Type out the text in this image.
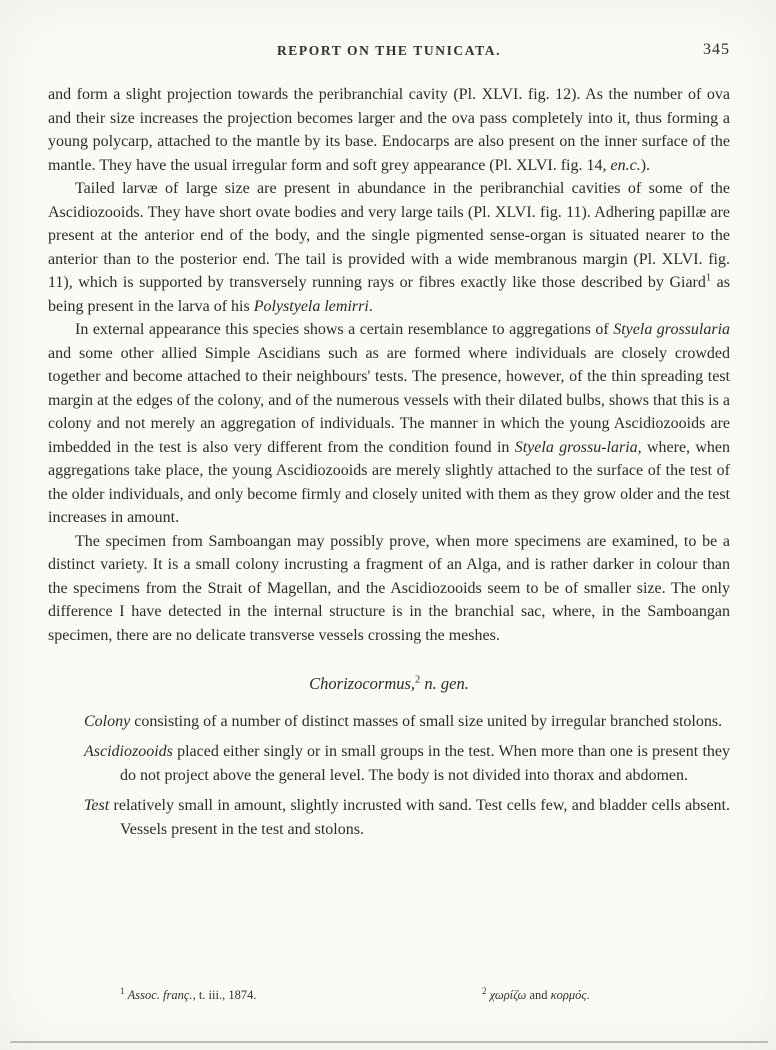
REPORT ON THE TUNICATA.	345

and form a slight projection towards the peribranchial cavity (Pl. XLVI. fig. 12). As the number of ova and their size increases the projection becomes larger and the ova pass completely into it, thus forming a young polycarp, attached to the mantle by its base. Endocarps are also present on the inner surface of the mantle. They have the usual irregular form and soft grey appearance (Pl. XLVI. fig. 14, en.c.).

Tailed larvæ of large size are present in abundance in the peribranchial cavities of some of the Ascidiozooids. They have short ovate bodies and very large tails (Pl. XLVI. fig. 11). Adhering papillæ are present at the anterior end of the body, and the single pigmented sense-organ is situated nearer to the anterior than to the posterior end. The tail is provided with a wide membranous margin (Pl. XLVI. fig. 11), which is supported by transversely running rays or fibres exactly like those described by Giard$^1$ as being present in the larva of his Polystyela lemirri.

In external appearance this species shows a certain resemblance to aggregations of Styela grossularia and some other allied Simple Ascidians such as are formed where individuals are closely crowded together and become attached to their neighbours' tests. The presence, however, of the thin spreading test margin at the edges of the colony, and of the numerous vessels with their dilated bulbs, shows that this is a colony and not merely an aggregation of individuals. The manner in which the young Ascidiozooids are imbedded in the test is also very different from the condition found in Styela grossu-laria, where, when aggregations take place, the young Ascidiozooids are merely slightly attached to the surface of the test of the older individuals, and only become firmly and closely united with them as they grow older and the test increases in amount.

The specimen from Samboangan may possibly prove, when more specimens are examined, to be a distinct variety. It is a small colony incrusting a fragment of an Alga, and is rather darker in colour than the specimens from the Strait of Magellan, and the Ascidiozooids seem to be of smaller size. The only difference I have detected in the internal structure is in the branchial sac, where, in the Samboangan specimen, there are no delicate transverse vessels crossing the meshes.

Chorizocormus,$^2$ n. gen.

Colony consisting of a number of distinct masses of small size united by irregular branched stolons.

Ascidiozooids placed either singly or in small groups in the test. When more than one is present they do not project above the general level. The body is not divided into thorax and abdomen.

Test relatively small in amount, slightly incrusted with sand. Test cells few, and bladder cells absent. Vessels present in the test and stolons.

$^1$ Assoc. franç., t. iii., 1874.	$^2$ χωρίζω and κορμός.
